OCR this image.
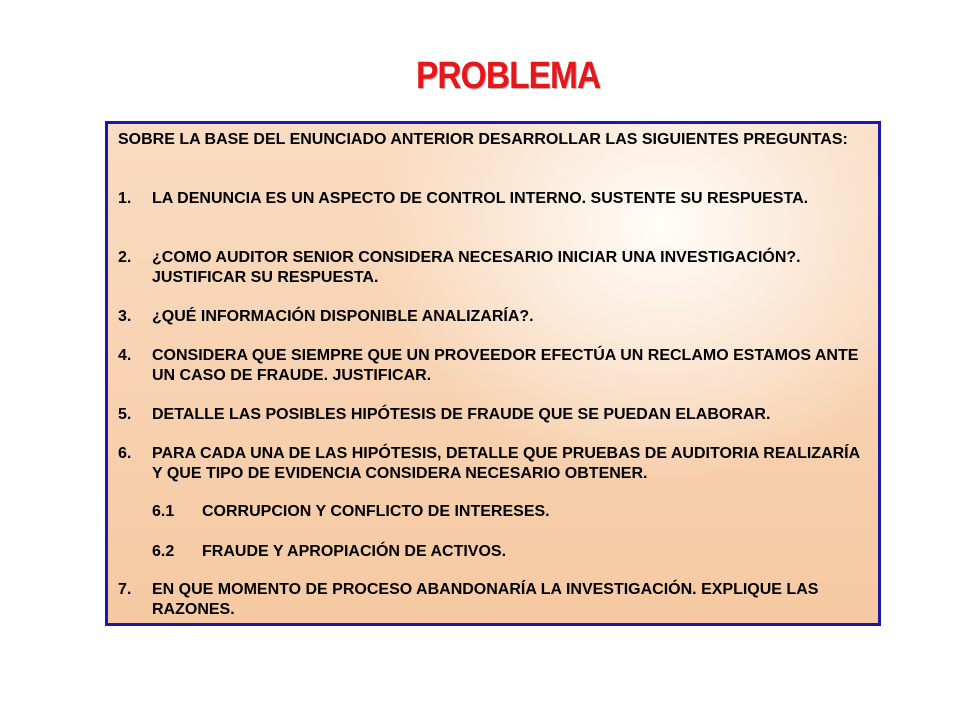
PROBLEMA
SOBRE LA BASE DEL ENUNCIADO ANTERIOR DESARROLLAR LAS SIGUIENTES PREGUNTAS:
1. LA DENUNCIA ES UN ASPECTO DE CONTROL INTERNO. SUSTENTE SU RESPUESTA.
2. ¿COMO AUDITOR SENIOR CONSIDERA NECESARIO INICIAR UNA INVESTIGACIÓN?. JUSTIFICAR SU RESPUESTA.
3. ¿QUÉ INFORMACIÓN DISPONIBLE ANALIZARÍA?.
4. CONSIDERA QUE SIEMPRE QUE UN PROVEEDOR EFECTÚA UN RECLAMO ESTAMOS ANTE UN CASO DE FRAUDE. JUSTIFICAR.
5. DETALLE LAS POSIBLES HIPÓTESIS DE FRAUDE QUE SE PUEDAN ELABORAR.
6. PARA CADA UNA DE LAS HIPÓTESIS, DETALLE QUE PRUEBAS DE AUDITORIA REALIZARÍA Y QUE TIPO DE EVIDENCIA CONSIDERA NECESARIO OBTENER.
6.1 CORRUPCION Y CONFLICTO DE INTERESES.
6.2 FRAUDE Y APROPIACIÓN DE ACTIVOS.
7. EN QUE MOMENTO DE PROCESO ABANDONARÍA LA INVESTIGACIÓN. EXPLIQUE LAS RAZONES.
